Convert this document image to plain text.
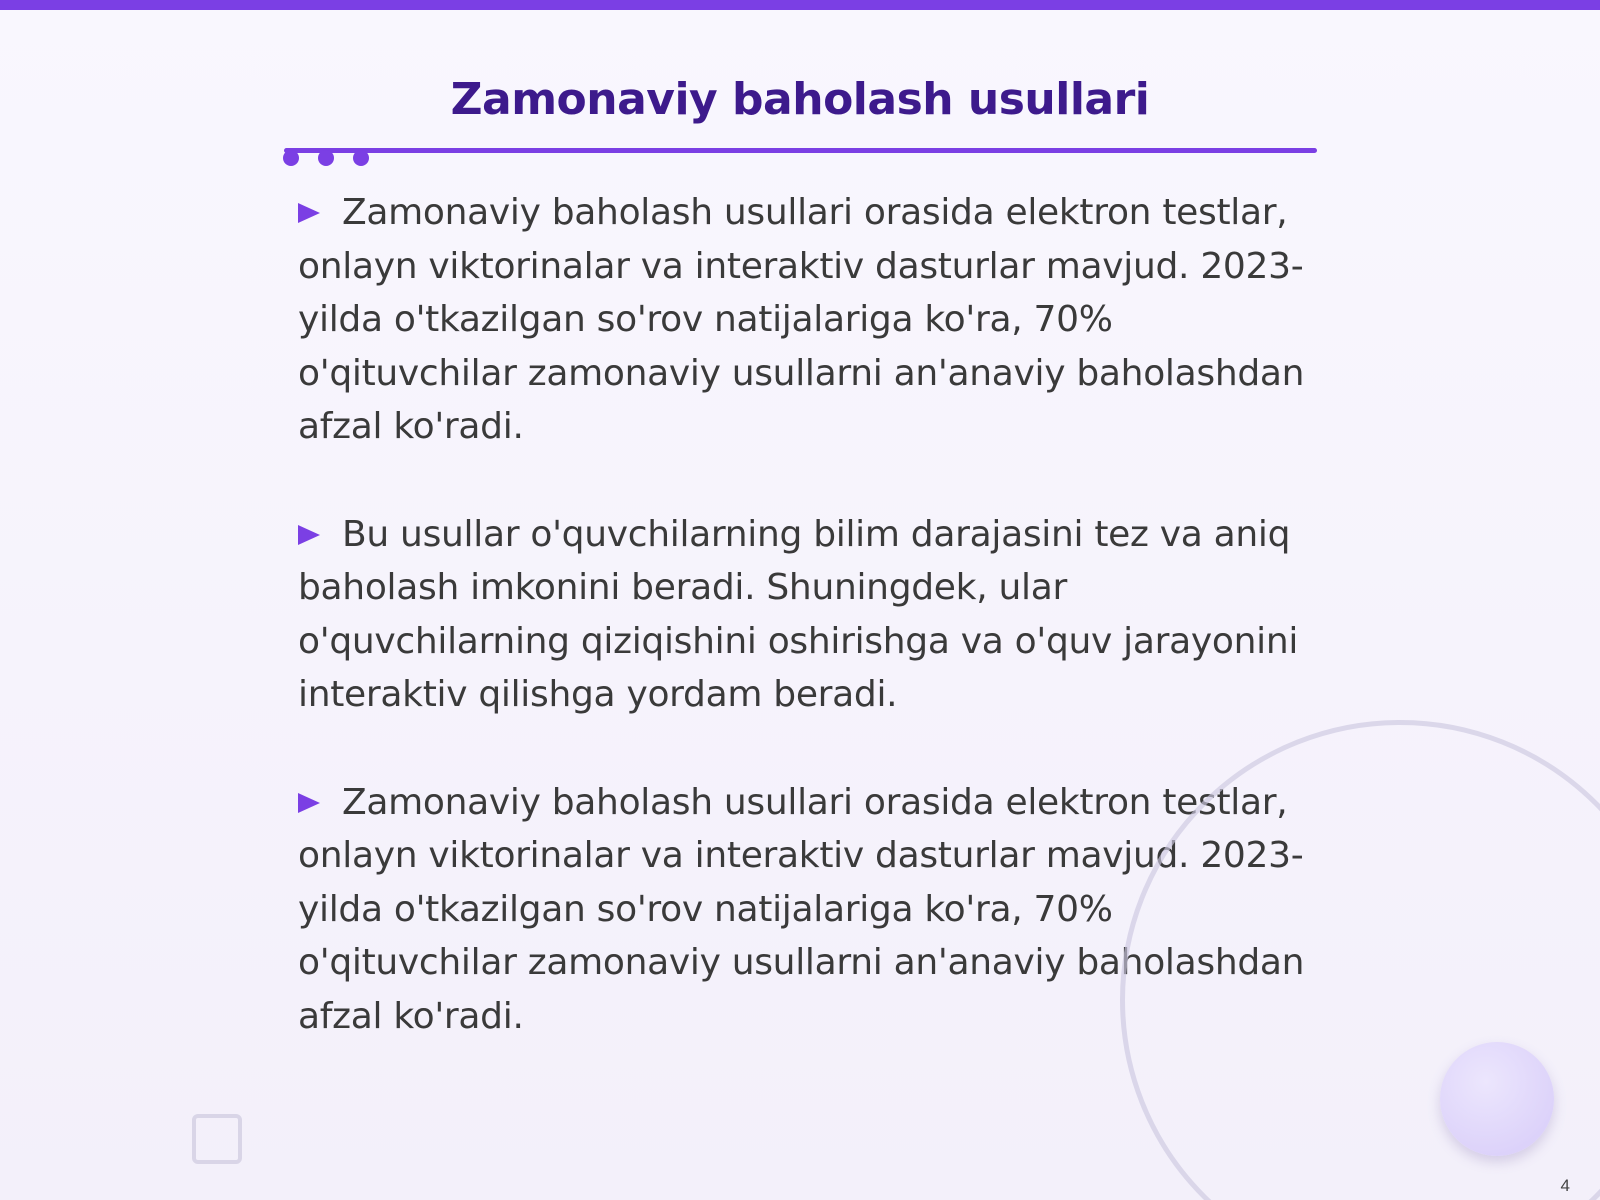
Zamonaviy baholash usullari
Zamonaviy baholash usullari orasida elektron testlar, onlayn viktorinalar va interaktiv dasturlar mavjud. 2023-yilda o'tkazilgan so'rov natijalariga ko'ra, 70% o'qituvchilar zamonaviy usullarni an'anaviy baholashdan afzal ko'radi.
Bu usullar o'quvchilarning bilim darajasini tez va aniq baholash imkonini beradi. Shuningdek, ular o'quvchilarning qiziqishini oshirishga va o'quv jarayonini interaktiv qilishga yordam beradi.
Zamonaviy baholash usullari orasida elektron testlar, onlayn viktorinalar va interaktiv dasturlar mavjud. 2023-yilda o'tkazilgan so'rov natijalariga ko'ra, 70% o'qituvchilar zamonaviy usullarni an'anaviy baholashdan afzal ko'radi.
4
